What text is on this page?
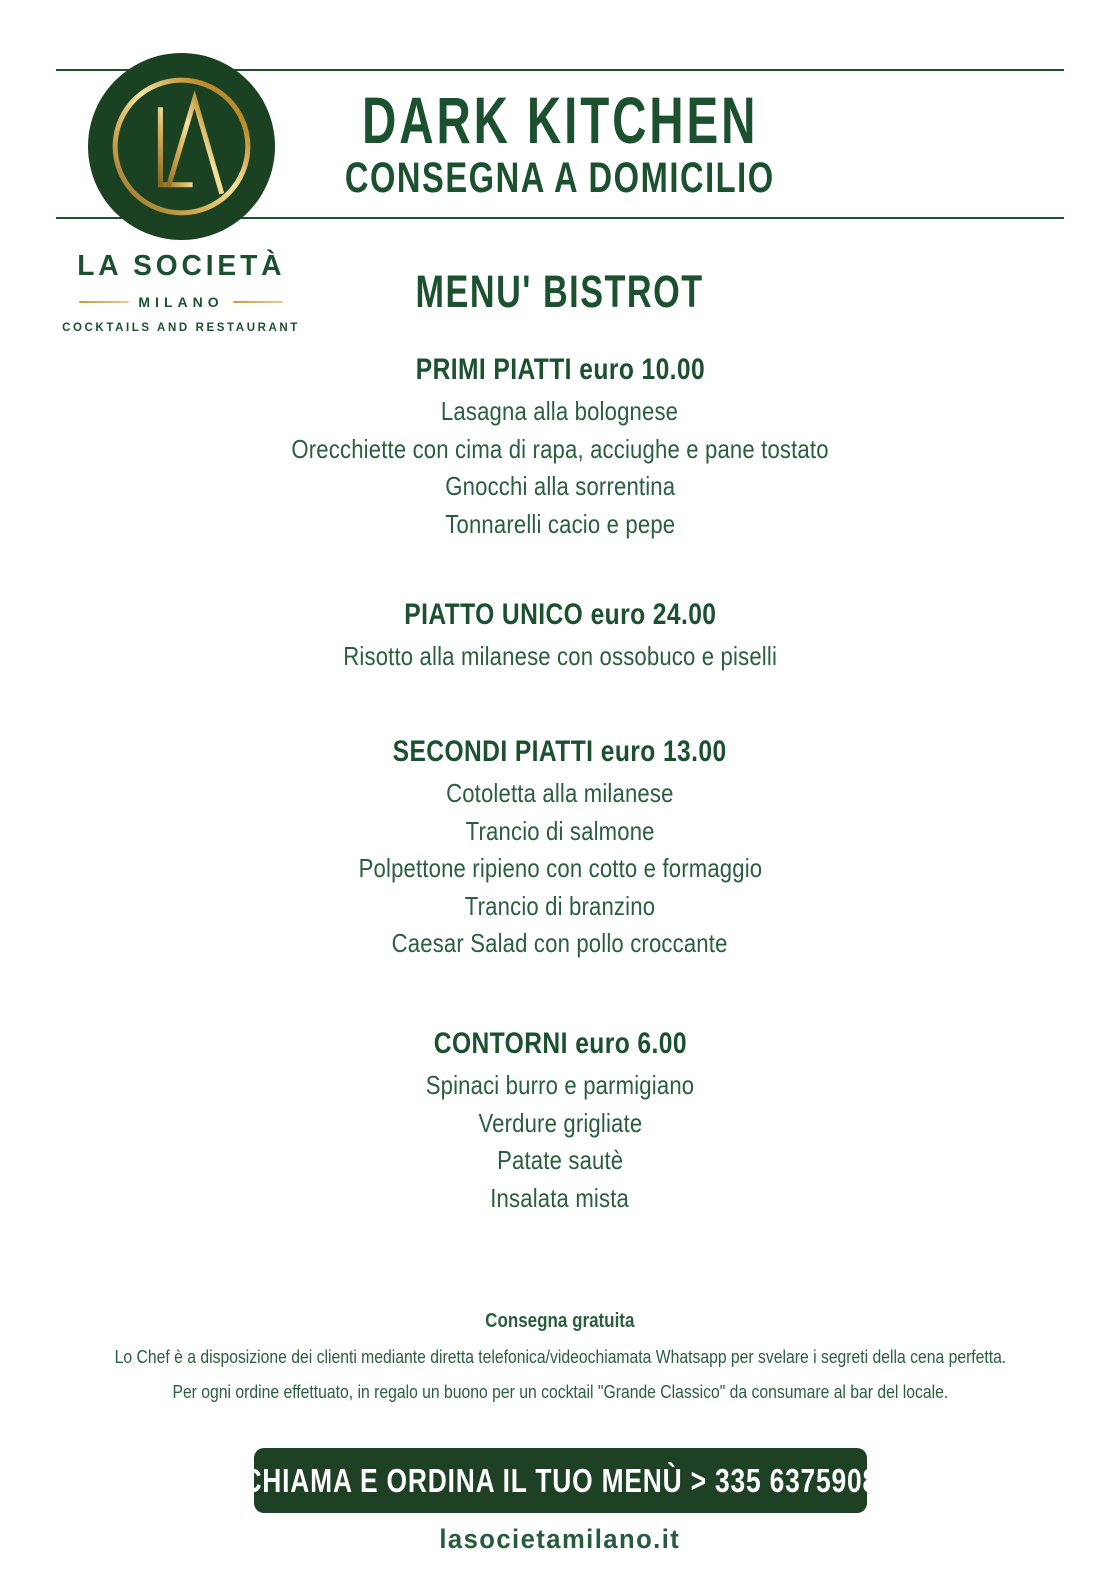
DARK KITCHEN
CONSEGNA A DOMICILIO
LA SOCIETÀ
MILANO
COCKTAILS AND RESTAURANT
MENU' BISTROT
PRIMI PIATTI euro 10.00
Lasagna alla bolognese
Orecchiette con cima di rapa, acciughe e pane tostato
Gnocchi alla sorrentina
Tonnarelli cacio e pepe
PIATTO UNICO euro 24.00
Risotto alla milanese con ossobuco e piselli
SECONDI PIATTI euro 13.00
Cotoletta alla milanese
Trancio di salmone
Polpettone ripieno con cotto e formaggio
Trancio di branzino
Caesar Salad con pollo croccante
CONTORNI euro 6.00
Spinaci burro e parmigiano
Verdure grigliate
Patate sautè
Insalata mista
Consegna gratuita
Lo Chef è a disposizione dei clienti mediante diretta telefonica/videochiamata Whatsapp per svelare i segreti della cena perfetta.
Per ogni ordine effettuato, in regalo un buono per un cocktail "Grande Classico" da consumare al bar del locale.
CHIAMA E ORDINA IL TUO MENÙ > 335 6375908
lasocietamilano.it
